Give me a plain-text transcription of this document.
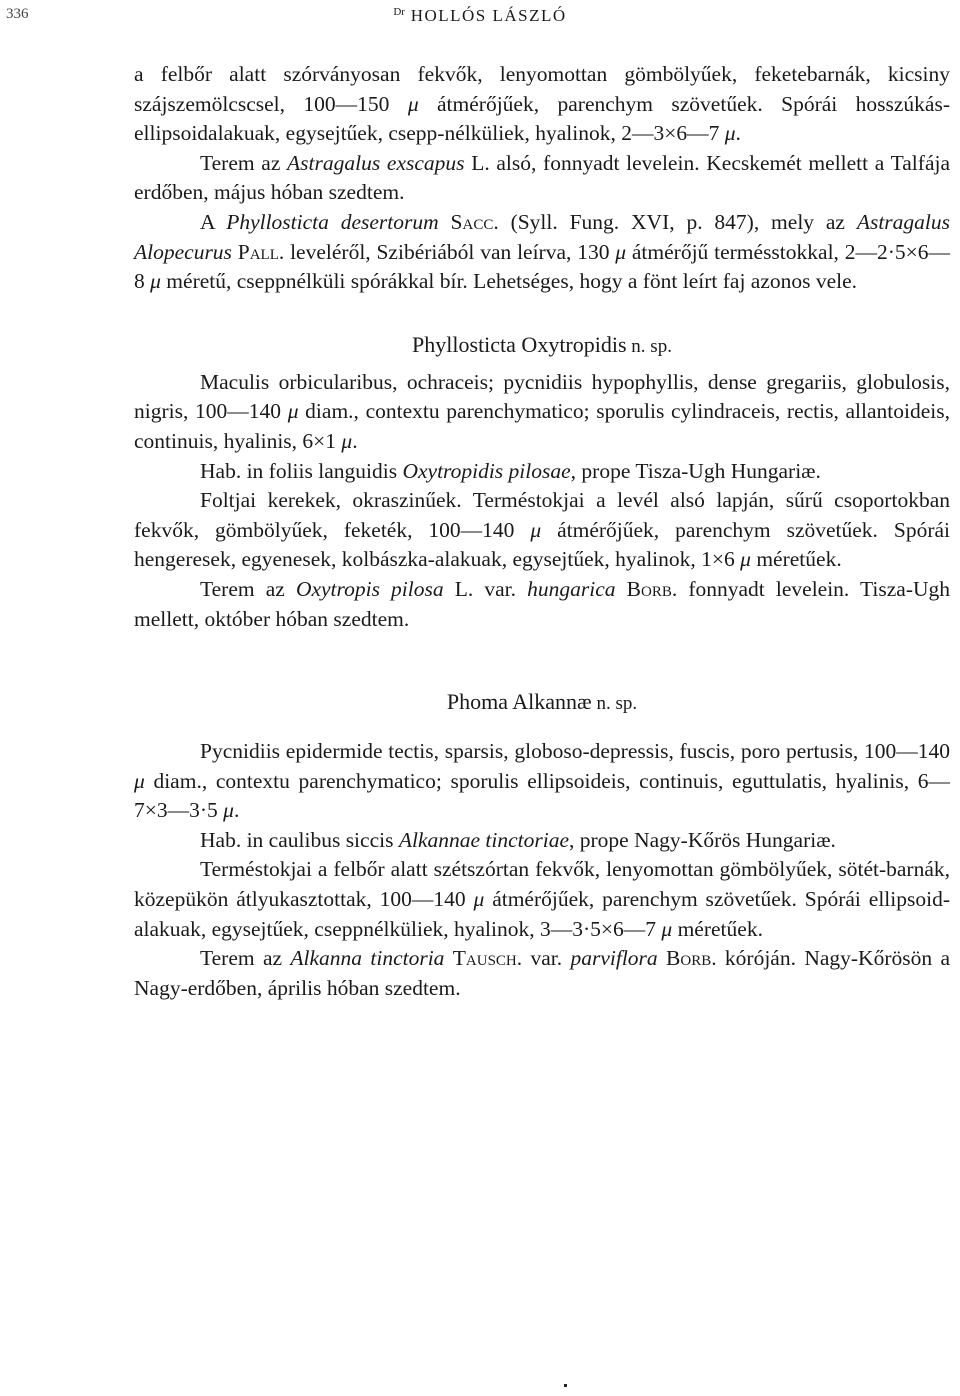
336	$^{Dr}$ HOLLÓS LÁSZLÓ

a felbőr alatt szórványosan fekvők, lenyomottan gömbölyűek, feketebarnák, kicsiny szájszemölcscsel, 100—150 μ átmérőjűek, parenchym szövetűek. Spórái hosszúkás-ellipsoidalakuak, egysejtűek, csepp-nélküliek, hyalinok, 2—3×6—7 μ.

Terem az Astragalus exscapus L. alsó, fonnyadt levelein. Kecskemét mellett a Talfája erdőben, május hóban szedtem.

A Phyllosticta desertorum Sacc. (Syll. Fung. XVI, p. 847), mely az Astragalus Alopecurus Pall. leveléről, Szibériából van leírva, 130 μ átmérőjű termésstokkal, 2—2·5×6—8 μ méretű, cseppnélküli spórákkal bír. Lehetséges, hogy a fönt leírt faj azonos vele.

Phyllosticta Oxytropidis n. sp.

Maculis orbicularibus, ochraceis; pycnidiis hypophyllis, dense gregariis, globulosis, nigris, 100—140 μ diam., contextu parenchymatico; sporulis cylindraceis, rectis, allantoideis, continuis, hyalinis, 6×1 μ.

Hab. in foliis languidis Oxytropidis pilosae, prope Tisza-Ugh Hungariæ.

Foltjai kerekek, okraszinűek. Terméstokjai a levél alsó lapján, sűrű csoportokban fekvők, gömbölyűek, feketék, 100—140 μ átmérőjűek, parenchym szövetűek. Spórái hengeresek, egyenesek, kolbászka-alakuak, egysejtűek, hyalinok, 1×6 μ méretűek.

Terem az Oxytropis pilosa L. var. hungarica Borb. fonnyadt levelein. Tisza-Ugh mellett, október hóban szedtem.

Phoma Alkannæ n. sp.

Pycnidiis epidermide tectis, sparsis, globoso-depressis, fuscis, poro pertusis, 100—140 μ diam., contextu parenchymatico; sporulis ellipsoideis, continuis, eguttulatis, hyalinis, 6—7×3—3·5 μ.

Hab. in caulibus siccis Alkannae tinctoriae, prope Nagy-Kőrös Hungariæ.

Terméstokjai a felbőr alatt szétszórtan fekvők, lenyomottan gömbölyűek, sötét-barnák, közepükön átlyukasztottak, 100—140 μ átmérőjűek, parenchym szövetűek. Spórái ellipsoid-alakuak, egysejtűek, cseppnélküliek, hyalinok, 3—3·5×6—7 μ méretűek.

Terem az Alkanna tinctoria Tausch. var. parviflora Borb. kóróján. Nagy-Kőrösön a Nagy-erdőben, április hóban szedtem.
